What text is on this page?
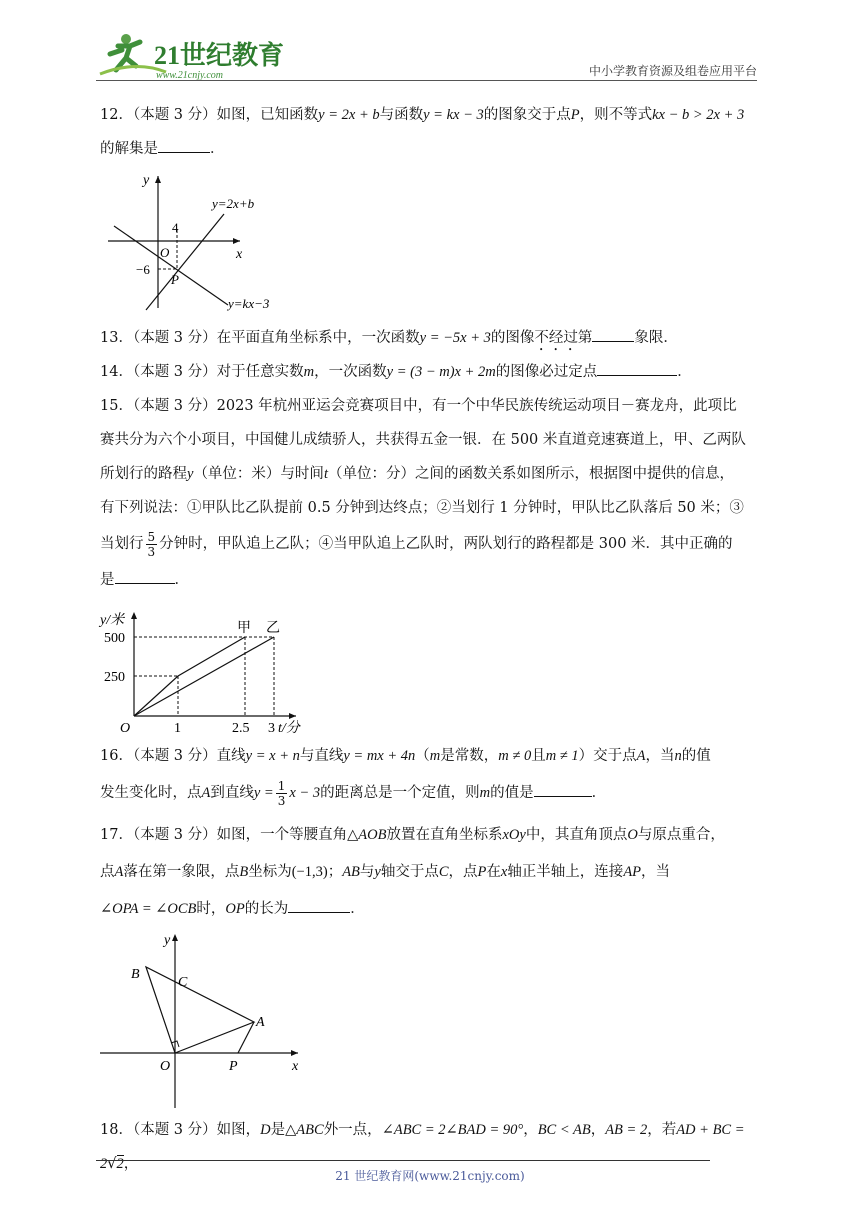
21世纪教育
www.21cnjy.com	中小学教育资源及组卷应用平台
12．（本题 3 分）如图，已知函数y = 2x + b与函数y = kx − 3的图象交于点P，则不等式kx − b > 2x + 3
的解集是	．
y
x
O
4
−6
P
y=2x+b
y=kx−3
13．（本题 3 分）在平面直角坐标系中，一次函数y = −5x + 3的图像不经过第	象限．
14．（本题 3 分）对于任意实数m，一次函数y = (3 − m)x + 2m的图像必过定点	．
15．（本题 3 分）2023 年杭州亚运会竞赛项目中，有一个中华民族传统运动项目－赛龙舟，此项比
赛共分为六个小项目，中国健儿成绩骄人，共获得五金一银．在 500 米直道竞速赛道上，甲、乙两队
所划行的路程y（单位：米）与时间t（单位：分）之间的函数关系如图所示，根据图中提供的信息，
有下列说法：①甲队比乙队提前 0.5 分钟到达终点；②当划行 1 分钟时，甲队比乙队落后 50 米；③
当划行 $\frac{5}{3}$ 分钟时，甲队追上乙队；④当甲队追上乙队时，两队划行的路程都是 300 米．其中正确的
是	．
y/米
t/分
O
500
250
1	2.5 3
甲 乙
16．（本题 3 分）直线y = x + n与直线y = mx + 4n（m是常数，m ≠ 0且m ≠ 1）交于点A，当n的值
发生变化时，点A到直线$y = \frac{1}{3}$ x − 3的距离总是一个定值，则m的值是	．
17．（本题 3 分）如图，一个等腰直角△AOB放置在直角坐标系xOy中，其直角顶点O与原点重合，
点A落在第一象限，点B坐标为(−1,3)；AB与y轴交于点C，点P在x轴正半轴上，连接AP，当
∠OPA = ∠OCB时，OP的长为	．
y
x
O
B
C
A
P
18．（本题 3 分）如图，D是△ABC外一点，∠ABC = 2∠BAD = 90°，BC < AB，AB = 2，若AD + BC = 2√2，
21 世纪教育网(www.21cnjy.com)
